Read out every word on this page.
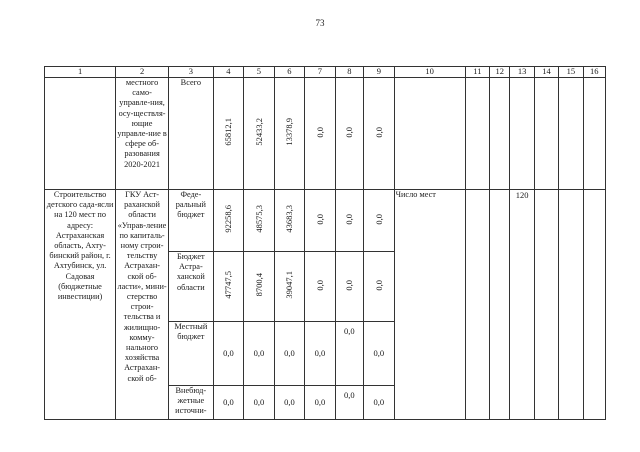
73
1	2	3	4	5	6	7	8	9	10	11	12	13	14	15	16
	местного само-управле-ния, осу-ществля-ющие управле-ние в сфере об-разования 2020-2021	Всего	65812,1	52433,2	13378,9	0,0	0,0	0,0							
Строительство детского сада-ясли на 120 мест по адресу: Астраханская область, Ахту-бинский район, г. Ахтубинск, ул. Садовая (бюджетные инвестиции)	ГКУ Аст-раханской области «Управ-ление по капиталь-ному строи-тельству Астрахан-ской об-ласти», мини-стерство строи-тельства и жилищно-комму-нального хозяйства Астрахан-ской об-	Феде-ральный бюджет	92258,6	48575,3	43683,3	0,0	0,0	0,0	Число мест			120			
		Бюджет Астра-ханской области	47747,5	8700,4	39047,1	0,0	0,0	0,0							
		Местный бюджет	0,0	0,0	0,0	0,0	0,0	0,0							
		Внебюд-жетные источни-	0,0	0,0	0,0	0,0	0,0	0,0							
